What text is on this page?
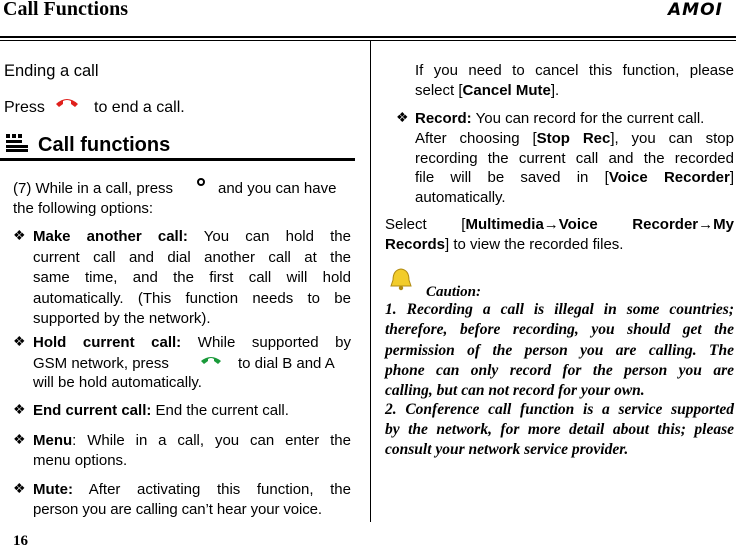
Call Functions	AMOI
Ending a call
Press	to end a call.
Call functions
(7) While in a call, press	and you can have
the following options:
❖ Make another call: You can hold the
current call and dial another call at the
same time, and the first call will hold
automatically. (This function needs to be
supported by the network).
❖ Hold current call: While supported by
GSM network, press	to dial B and A
will be hold automatically.
❖ End current call: End the current call.
❖ Menu: While in a call, you can enter the
menu options.
❖ Mute: After activating this function, the
person you are calling can’t hear your voice.
If you need to cancel this function, please
select [Cancel Mute].
❖ Record: You can record for the current call.
After choosing [Stop Rec], you can stop
recording the current call and the recorded
file will be saved in [Voice Recorder]
automatically.
Select [Multimedia→Voice Recorder→My
Records] to view the recorded files.
Caution:
1. Recording a call is illegal in some countries;
therefore, before recording, you should get the
permission of the person you are calling. The
phone can only record for the person you are
calling, but can not record for your own.
2. Conference call function is a service supported
by the network, for more detail about this; please
consult your network service provider.
16
